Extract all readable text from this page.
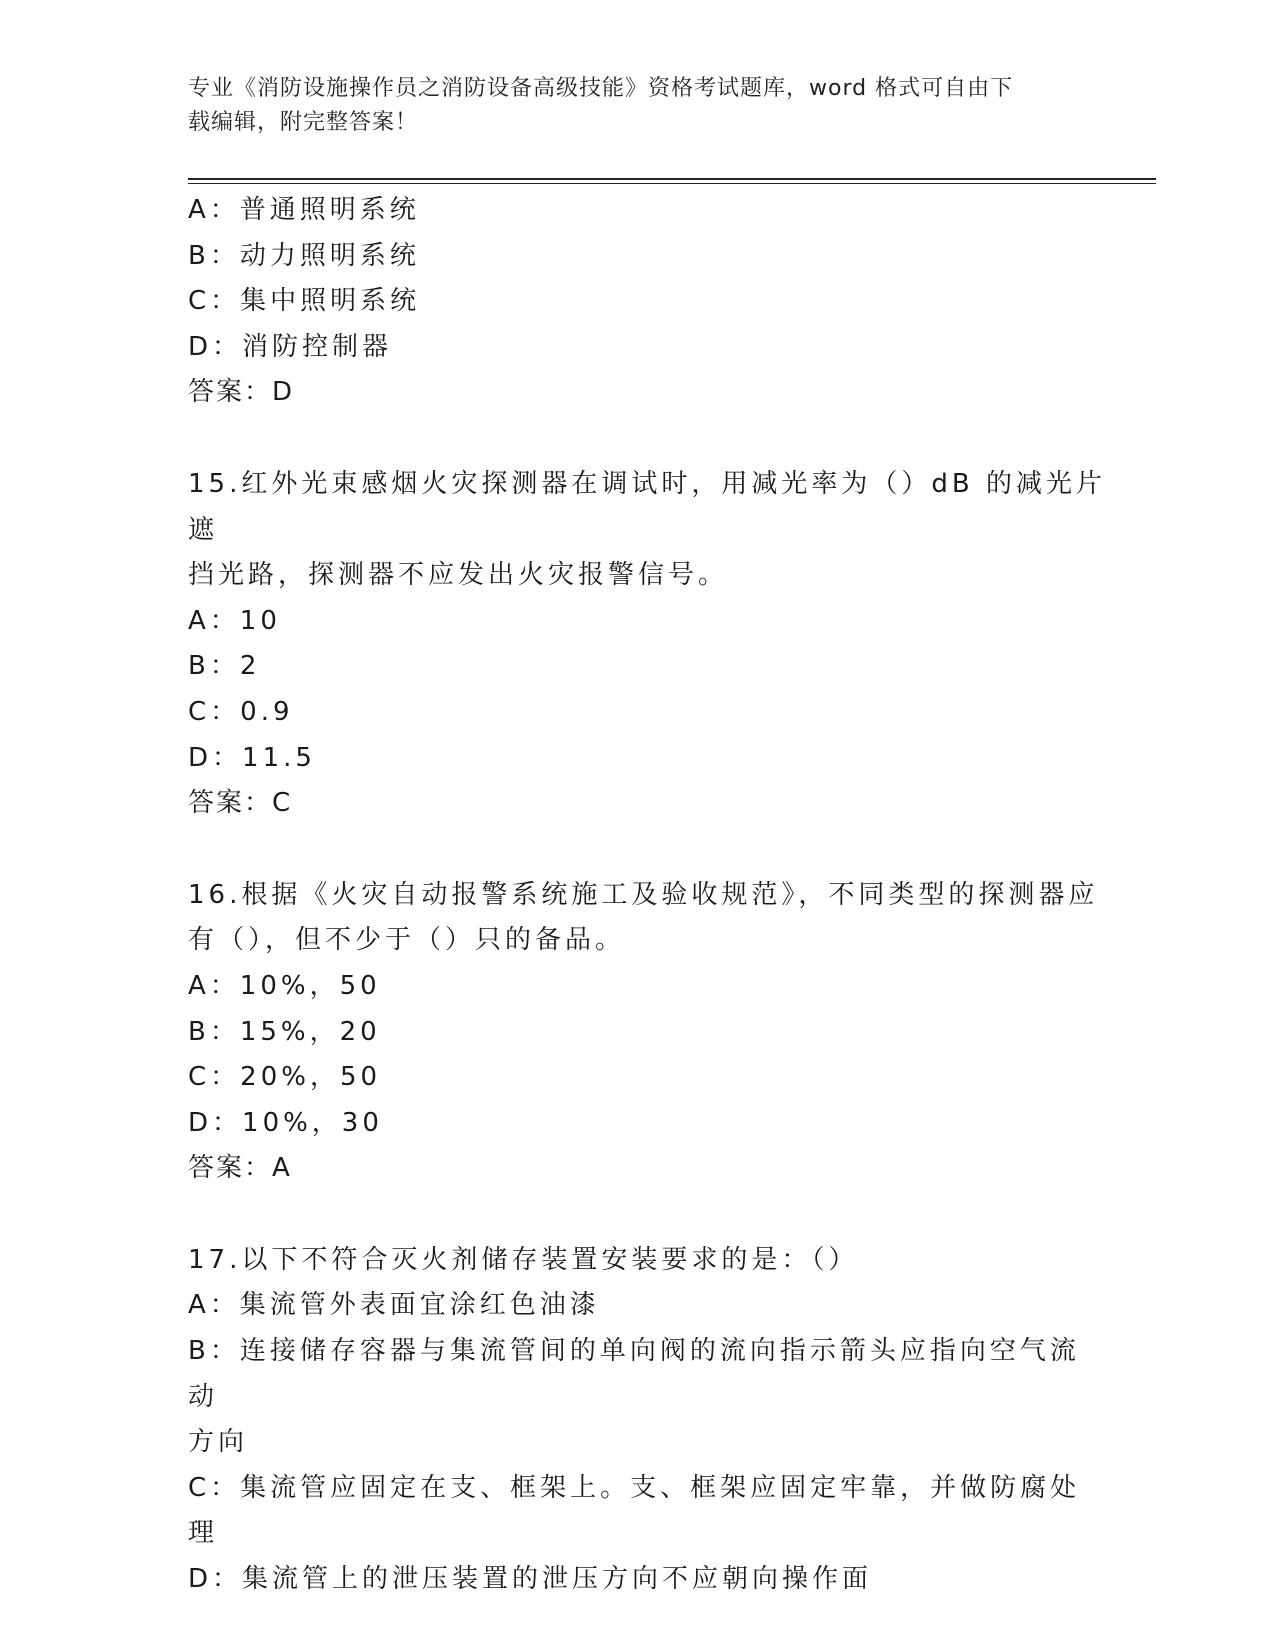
专业《消防设施操作员之消防设备高级技能》资格考试题库，word 格式可自由下
载编辑，附完整答案！

A：普通照明系统

B：动力照明系统

C：集中照明系统

D：消防控制器

答案：D

15.红外光束感烟火灾探测器在调试时，用减光率为（）dB 的减光片遮

挡光路，探测器不应发出火灾报警信号。

A：10

B：2

C：0.9

D：11.5

答案：C

16.根据《火灾自动报警系统施工及验收规范》，不同类型的探测器应

有（），但不少于（）只的备品。

A：10%，50

B：15%，20

C：20%，50

D：10%，30

答案：A

17.以下不符合灭火剂储存装置安装要求的是：（）

A：集流管外表面宜涂红色油漆

B：连接储存容器与集流管间的单向阀的流向指示箭头应指向空气流动

方向

C：集流管应固定在支、框架上。支、框架应固定牢靠，并做防腐处理

D：集流管上的泄压装置的泄压方向不应朝向操作面
